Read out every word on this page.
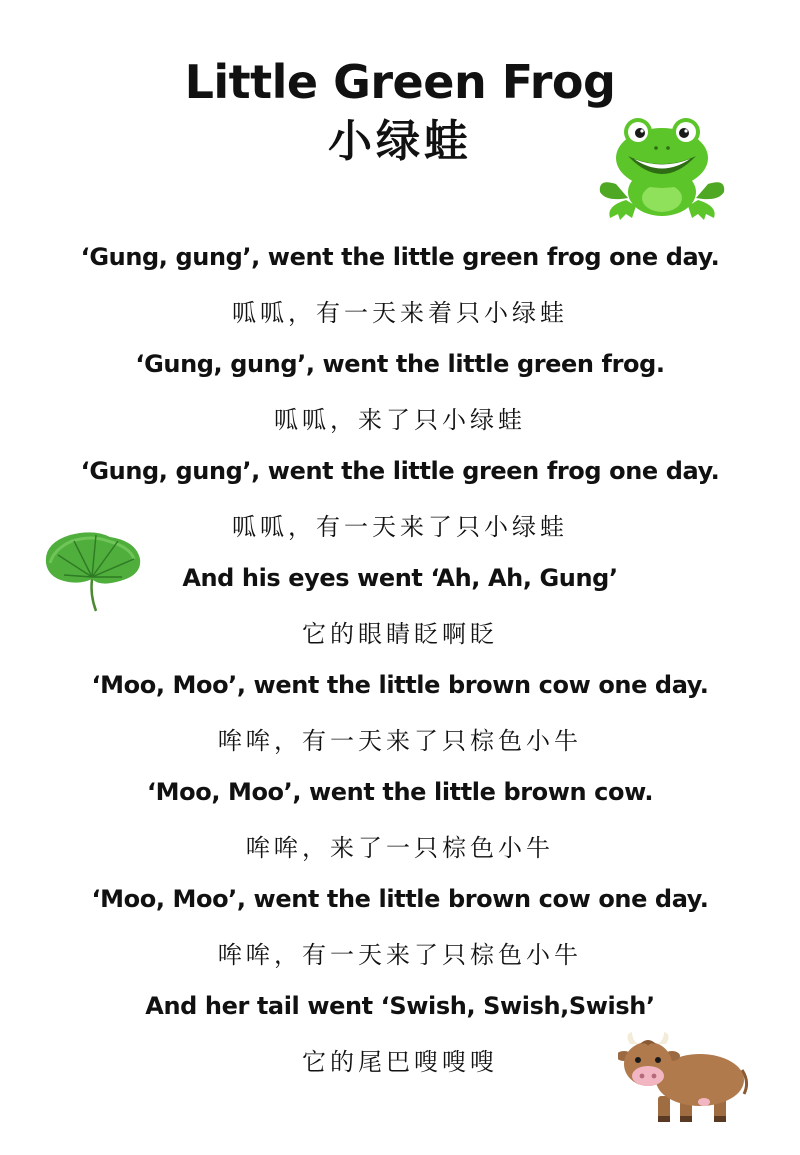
Little Green Frog
小绿蛙
‘Gung, gung’, went the little green frog one day.
呱呱，有一天来着只小绿蛙
‘Gung, gung’, went the little green frog.
呱呱，来了只小绿蛙
‘Gung, gung’, went the little green frog one day.
呱呱，有一天来了只小绿蛙
And his eyes went ‘Ah, Ah, Gung’
它的眼睛眨啊眨
‘Moo, Moo’, went the little brown cow one day.
哞哞，有一天来了只棕色小牛
‘Moo, Moo’, went the little brown cow.
哞哞，来了一只棕色小牛
‘Moo, Moo’, went the little brown cow one day.
哞哞，有一天来了只棕色小牛
And her tail went ‘Swish, Swish,Swish’
它的尾巴嗖嗖嗖
